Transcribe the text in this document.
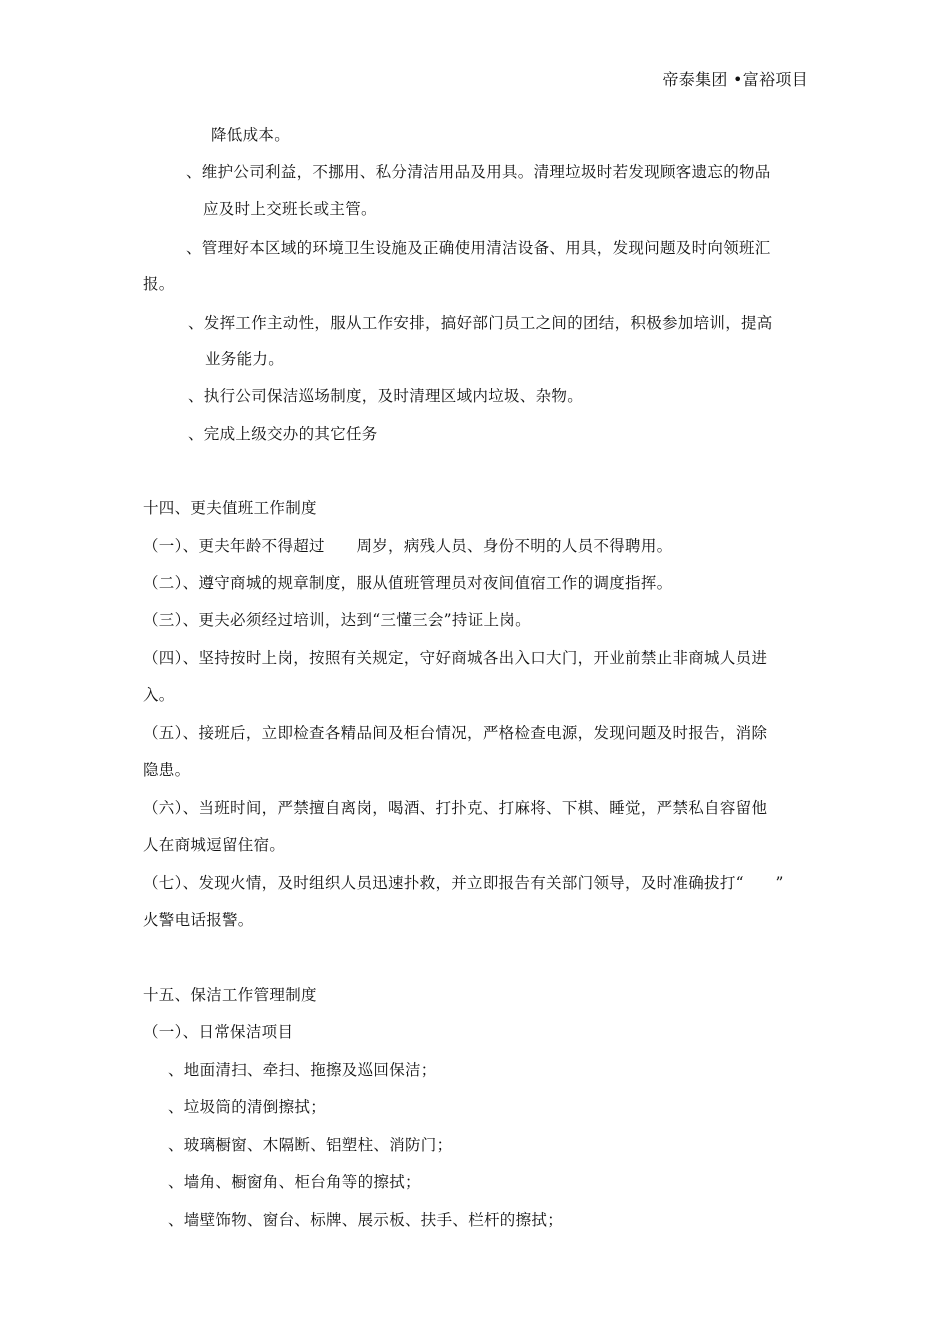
帝泰集团 •富裕项目
降低成本。
、维护公司利益，不挪用、私分清洁用品及用具。清理垃圾时若发现顾客遗忘的物品
应及时上交班长或主管。
、管理好本区域的环境卫生设施及正确使用清洁设备、用具，发现问题及时向领班汇
报。
、发挥工作主动性，服从工作安排，搞好部门员工之间的团结，积极参加培训，提高
业务能力。
、执行公司保洁巡场制度，及时清理区域内垃圾、杂物。
、完成上级交办的其它任务
十四、更夫值班工作制度
（一）、更夫年龄不得超过　　周岁，病残人员、身份不明的人员不得聘用。
（二）、遵守商城的规章制度，服从值班管理员对夜间值宿工作的调度指挥。
（三）、更夫必须经过培训，达到“三懂三会”持证上岗。
（四）、坚持按时上岗，按照有关规定，守好商城各出入口大门，开业前禁止非商城人员进
入。
（五）、接班后，立即检查各精品间及柜台情况，严格检查电源，发现问题及时报告，消除
隐患。
（六）、当班时间，严禁擅自离岗，喝酒、打扑克、打麻将、下棋、睡觉，严禁私自容留他
人在商城逗留住宿。
（七）、发现火情，及时组织人员迅速扑救，并立即报告有关部门领导，及时准确拔打“　　”
火警电话报警。
十五、保洁工作管理制度
（一）、日常保洁项目
、地面清扫、牵扫、拖擦及巡回保洁；
、垃圾筒的清倒擦拭；
、玻璃橱窗、木隔断、铝塑柱、消防门；
、墙角、橱窗角、柜台角等的擦拭；
、墙壁饰物、窗台、标牌、展示板、扶手、栏杆的擦拭；
